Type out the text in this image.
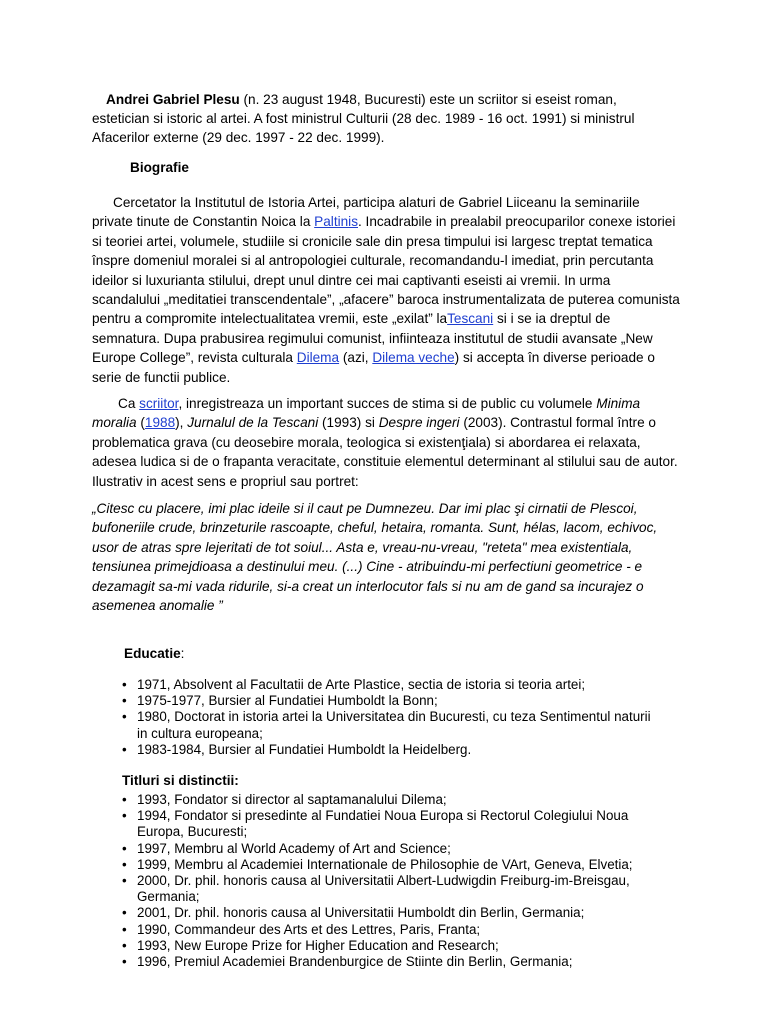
Andrei Gabriel Plesu (n. 23 august 1948, Bucuresti) este un scriitor si eseist roman, estetician si istoric al artei. A fost ministrul Culturii (28 dec. 1989 - 16 oct. 1991) si ministrul Afacerilor externe (29 dec. 1997 - 22 dec. 1999).
Biografie
Cercetator la Institutul de Istoria Artei, participa alaturi de Gabriel Liiceanu la seminariile private tinute de Constantin Noica la Paltinis. Incadrabile in prealabil preocuparilor conexe istoriei si teoriei artei, volumele, studiile si cronicile sale din presa timpului isi largesc treptat tematica înspre domeniul moralei si al antropologiei culturale, recomandandu-l imediat, prin percutanta ideilor si luxurianta stilului, drept unul dintre cei mai captivanti eseisti ai vremii. In urma scandalului „meditatiei transcendentale”, „afacere” baroca instrumentalizata de puterea comunista pentru a compromite intelectualitatea vremii, este „exilat” laTescani si i se ia dreptul de semnatura. Dupa prabusirea regimului comunist, infiinteaza institutul de studii avansate „New Europe College”, revista culturala Dilema (azi, Dilema veche) si accepta în diverse perioade o serie de functii publice.
Ca scriitor, inregistreaza un important succes de stima si de public cu volumele Minima moralia (1988), Jurnalul de la Tescani (1993) si Despre ingeri (2003). Contrastul formal între o problematica grava (cu deosebire morala, teologica si existenţiala) si abordarea ei relaxata, adesea ludica si de o frapanta veracitate, constituie elementul determinant al stilului sau de autor. Ilustrativ in acest sens e propriul sau portret:
„Citesc cu placere, imi plac ideile si il caut pe Dumnezeu. Dar imi plac şi cirnatii de Plescoi, bufoneriile crude, brinzeturile rascoapte, cheful, hetaira, romanta. Sunt, hélas, lacom, echivoc, usor de atras spre lejeritati de tot soiul... Asta e, vreau-nu-vreau, "reteta" mea existentiala, tensiunea primejdioasa a destinului meu. (...) Cine - atribuindu-mi perfectiuni geometrice - e dezamagit sa-mi vada ridurile, si-a creat un interlocutor fals si nu am de gand sa incurajez o asemenea anomalie ”
Educatie:
• 1971, Absolvent al Facultatii de Arte Plastice, sectia de istoria si teoria artei;
• 1975-1977, Bursier al Fundatiei Humboldt la Bonn;
• 1980, Doctorat in istoria artei la Universitatea din Bucuresti, cu teza Sentimentul naturii in cultura europeana;
• 1983-1984, Bursier al Fundatiei Humboldt la Heidelberg.
Titluri si distinctii:
• 1993, Fondator si director al saptamanalului Dilema;
• 1994, Fondator si presedinte al Fundatiei Noua Europa si Rectorul Colegiului Noua Europa, Bucuresti;
• 1997, Membru al World Academy of Art and Science;
• 1999, Membru al Academiei Internationale de Philosophie de VArt, Geneva, Elvetia;
• 2000, Dr. phil. honoris causa al Universitatii Albert-Ludwigdin Freiburg-im-Breisgau, Germania;
• 2001, Dr. phil. honoris causa al Universitatii Humboldt din Berlin, Germania;
• 1990, Commandeur des Arts et des Lettres, Paris, Franta;
• 1993, New Europe Prize for Higher Education and Research;
• 1996, Premiul Academiei Brandenburgice de Stiinte din Berlin, Germania;
